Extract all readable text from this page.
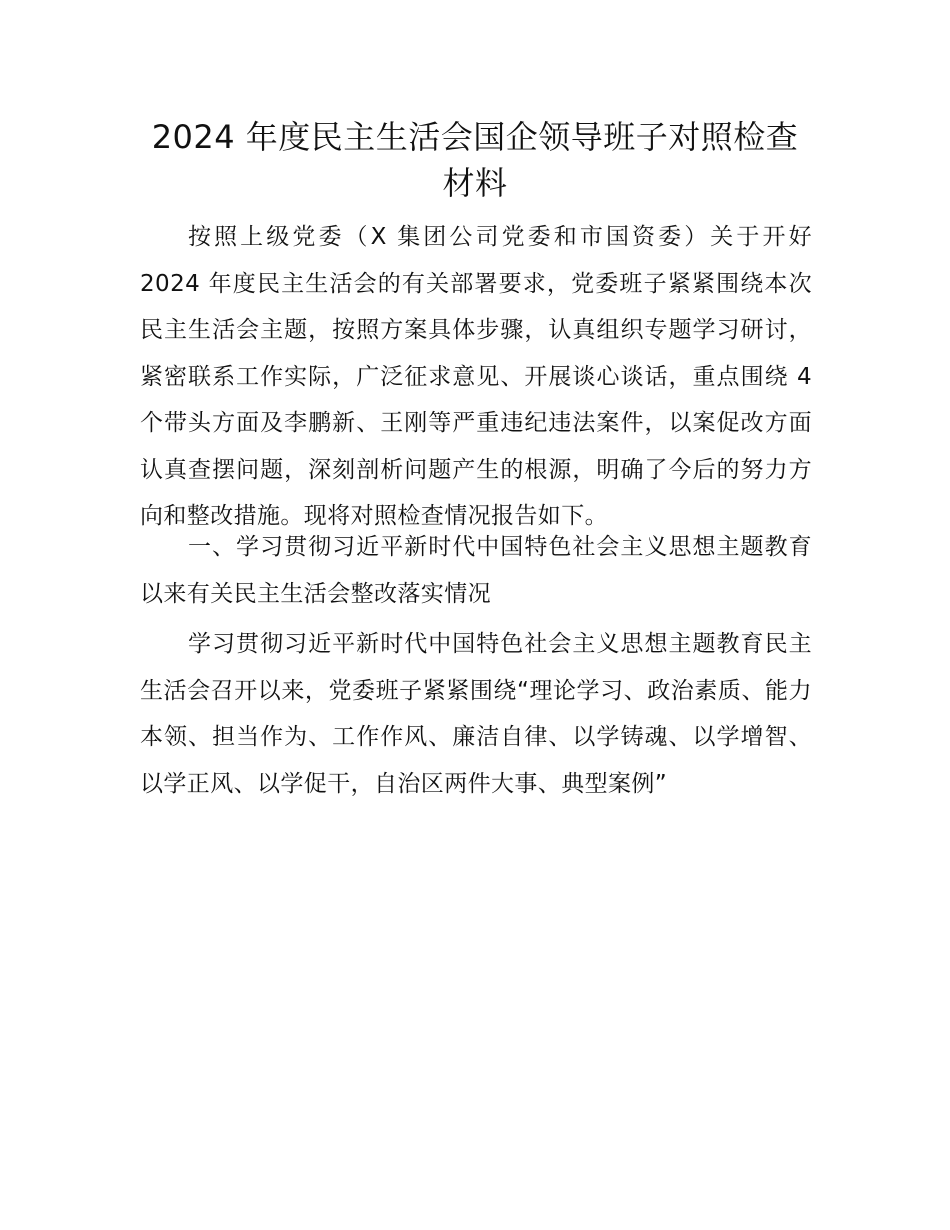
2024 年度民主生活会国企领导班子对照检查材料

按照上级党委（X 集团公司党委和市国资委）关于开好 2024 年度民主生活会的有关部署要求，党委班子紧紧围绕本次民主生活会主题，按照方案具体步骤，认真组织专题学习研讨，紧密联系工作实际，广泛征求意见、开展谈心谈话，重点围绕 4 个带头方面及李鹏新、王刚等严重违纪违法案件，以案促改方面认真查摆问题，深刻剖析问题产生的根源，明确了今后的努力方向和整改措施。现将对照检查情况报告如下。

一、学习贯彻习近平新时代中国特色社会主义思想主题教育以来有关民主生活会整改落实情况

学习贯彻习近平新时代中国特色社会主义思想主题教育民主生活会召开以来，党委班子紧紧围绕“理论学习、政治素质、能力本领、担当作为、工作作风、廉洁自律、以学铸魂、以学增智、以学正风、以学促干，自治区两件大事、典型案例”
